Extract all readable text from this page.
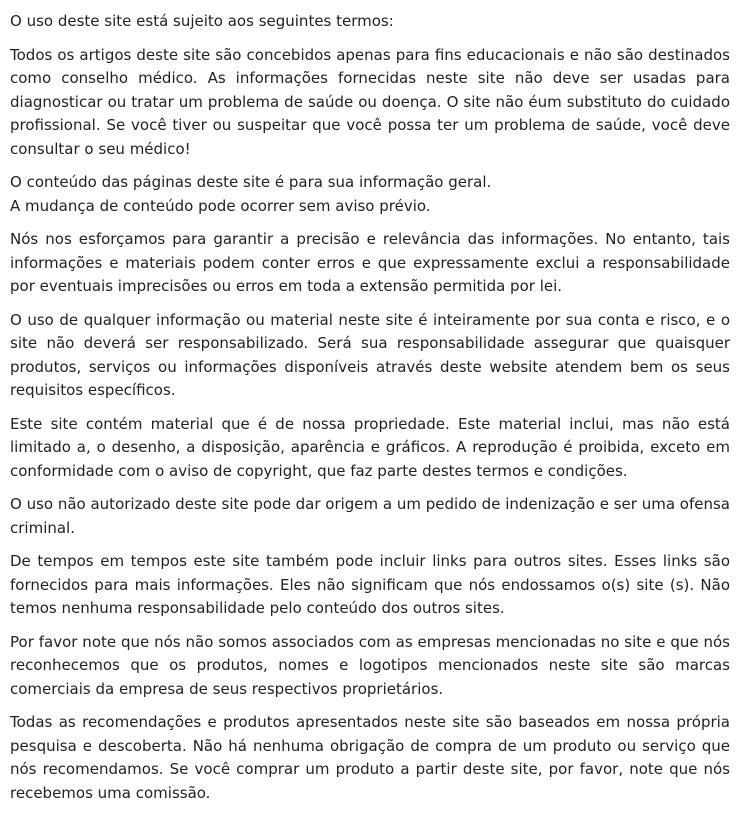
O uso deste site está sujeito aos seguintes termos:

Todos os artigos deste site são concebidos apenas para fins educacionais e não são destinados como conselho médico. As informações fornecidas neste site não deve ser usadas para diagnosticar ou tratar um problema de saúde ou doença. O site não éum substituto do cuidado profissional. Se você tiver ou suspeitar que você possa ter um problema de saúde, você deve consultar o seu médico!

O conteúdo das páginas deste site é para sua informação geral.
A mudança de conteúdo pode ocorrer sem aviso prévio.

Nós nos esforçamos para garantir a precisão e relevância das informações. No entanto, tais informações e materiais podem conter erros e que expressamente exclui a responsabilidade por eventuais imprecisões ou erros em toda a extensão permitida por lei.

O uso de qualquer informação ou material neste site é inteiramente por sua conta e risco, e o site não deverá ser responsabilizado. Será sua responsabilidade assegurar que quaisquer produtos, serviços ou informações disponíveis através deste website atendem bem os seus requisitos específicos.

Este site contém material que é de nossa propriedade. Este material inclui, mas não está limitado a, o desenho, a disposição, aparência e gráficos. A reprodução é proibida, exceto em conformidade com o aviso de copyright, que faz parte destes termos e condições.

O uso não autorizado deste site pode dar origem a um pedido de indenização e ser uma ofensa criminal.

De tempos em tempos este site também pode incluir links para outros sites. Esses links são fornecidos para mais informações. Eles não significam que nós endossamos o(s) site (s). Não temos nenhuma responsabilidade pelo conteúdo dos outros sites.

Por favor note que nós não somos associados com as empresas mencionadas no site e que nós reconhecemos que os produtos, nomes e logotipos mencionados neste site são marcas comerciais da empresa de seus respectivos proprietários.

Todas as recomendações e produtos apresentados neste site são baseados em nossa própria pesquisa e descoberta. Não há nenhuma obrigação de compra de um produto ou serviço que nós recomendamos. Se você comprar um produto a partir deste site, por favor, note que nós recebemos uma comissão.
